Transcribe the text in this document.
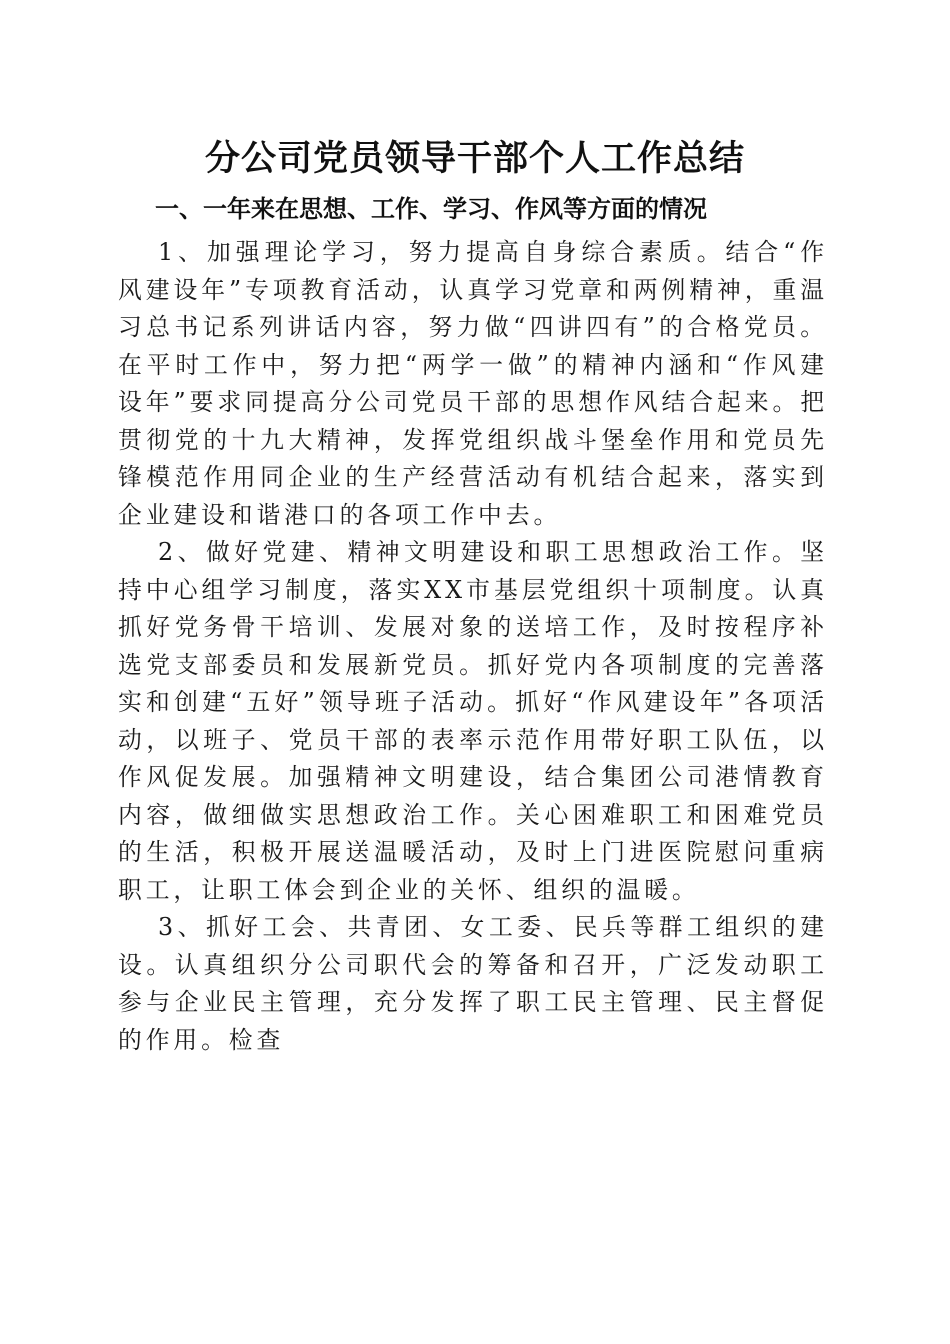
分公司党员领导干部个人工作总结
一、一年来在思想、工作、学习、作风等方面的情况

1、加强理论学习，努力提高自身综合素质。结合“作风建设年”专项教育活动，认真学习党章和两例精神，重温习总书记系列讲话内容，努力做“四讲四有”的合格党员。在平时工作中，努力把“两学一做”的精神内涵和“作风建设年”要求同提高分公司党员干部的思想作风结合起来。把贯彻党的十九大精神，发挥党组织战斗堡垒作用和党员先锋模范作用同企业的生产经营活动有机结合起来，落实到企业建设和谐港口的各项工作中去。

2、做好党建、精神文明建设和职工思想政治工作。坚持中心组学习制度，落实XX市基层党组织十项制度。认真抓好党务骨干培训、发展对象的送培工作，及时按程序补选党支部委员和发展新党员。抓好党内各项制度的完善落实和创建“五好”领导班子活动。抓好“作风建设年”各项活动，以班子、党员干部的表率示范作用带好职工队伍，以作风促发展。加强精神文明建设，结合集团公司港情教育内容，做细做实思想政治工作。关心困难职工和困难党员的生活，积极开展送温暖活动，及时上门进医院慰问重病职工，让职工体会到企业的关怀、组织的温暖。

3、抓好工会、共青团、女工委、民兵等群工组织的建设。认真组织分公司职代会的筹备和召开，广泛发动职工参与企业民主管理，充分发挥了职工民主管理、民主督促的作用。检查
